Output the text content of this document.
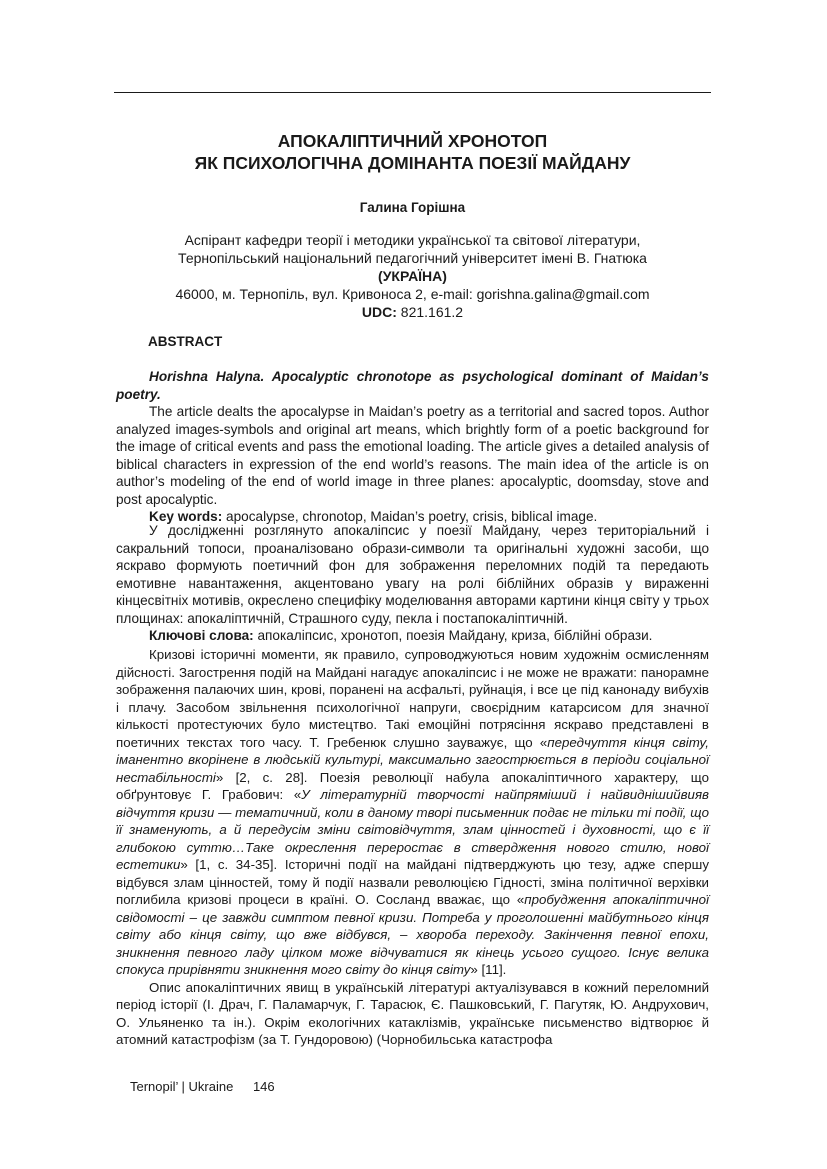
АПОКАЛІПТИЧНИЙ ХРОНОТОП
ЯК ПСИХОЛОГІЧНА ДОМІНАНТА ПОЕЗІЇ МАЙДАНУ
Галина Горішна
Аспірант кафедри теорії і методики української та світової літератури,
Тернопільський національний педагогічний університет імені В. Гнатюка
(УКРАЇНА)
46000, м. Тернопіль, вул. Кривоноса 2, e-mail: gorishna.galina@gmail.com
UDC: 821.161.2
ABSTRACT

Horishna Halyna. Apocalyptic chronotope as psychological dominant of Maidan’s poetry.

The article dealts the apocalypse in Maidan’s poetry as a territorial and sacred topos. Author analyzed images-symbols and original art means, which brightly form of a poetic background for the image of critical events and pass the emotional loading. The article gives a detailed analysis of biblical characters in expression of the end world’s reasons. The main idea of the article is on author’s modeling of the end of world image in three planes: apocalyptic, doomsday, stove and post apocalyptic.

Key words: apocalypse, chronotop, Maidan’s poetry, crisis, biblical image.

У дослідженні розглянуто апокаліпсис у поезії Майдану, через територіальний і сакральний топоси, проаналізовано образи-символи та оригінальні художні засоби, що яскраво формують поетичний фон для зображення переломних подій та передають емотивне навантаження, акцентовано увагу на ролі біблійних образів у вираженні кінцесвітніх мотивів, окреслено специфіку моделювання авторами картини кінця світу у трьох площинах: апокаліптичній, Страшного суду, пекла і постапокаліптичній.

Ключові слова: апокаліпсис, хронотоп, поезія Майдану, криза, біблійні образи.

Кризові історичні моменти, як правило, супроводжуються новим художнім осмисленням дійсності. Загострення подій на Майдані нагадує апокаліпсис і не може не вражати: панорамне зображення палаючих шин, крові, поранені на асфальті, руйнація, і все це під канонаду вибухів і плачу. Засобом звільнення психологічної напруги, своєрідним катарсисом для значної кількості протестуючих було мистецтво. Такі емоційні потрясіння яскраво представлені в поетичних текстах того часу. Т. Гребенюк слушно зауважує, що «передчуття кінця світу, іманентно вкорінене в людській культурі, максимально загострюється в періоди соціальної нестабільності» [2, с. 28]. Поезія революції набула апокаліптичного характеру, що обґрунтовує Г. Грабович: «У літературній творчості найпряміший і найвиднішийвияв відчуття кризи — тематичний, коли в даному творі письменник подає не тільки ті події, що її знаменують, а й передусім зміни світовідчуття, злам цінностей і духовності, що є її глибокою суттю…Таке окреслення переростає в ствердження нового стилю, нової естетики» [1, с. 34-35]. Історичні події на майдані підтверджують цю тезу, адже спершу відбувся злам цінностей, тому й події назвали революцією Гідності, зміна політичної верхівки поглибила кризові процеси в країні. О. Сосланд вважає, що «пробудження апокаліптичної свідомості – це завжди симптом певної кризи. Потреба у проголошенні майбутнього кінця світу або кінця світу, що вже відбувся, – хвороба переходу. Закінчення певної епохи, зникнення певного ладу цілком може відчуватися як кінець усього сущого. Існує велика спокуса прирівняти зникнення мого світу до кінця світу» [11].

Опис апокаліптичних явищ в українській літературі актуалізувався в кожний переломний період історії (І. Драч, Г. Паламарчук, Г. Тарасюк, Є. Пашковський, Г. Пагутяк, Ю. Андрухович, О. Ульяненко та ін.). Окрім екологічних катаклізмів, українське письменство відтворює й атомний катастрофізм (за Т. Гундоровою) (Чорнобильська катастрофа

Ternopil’ | Ukraine 146
